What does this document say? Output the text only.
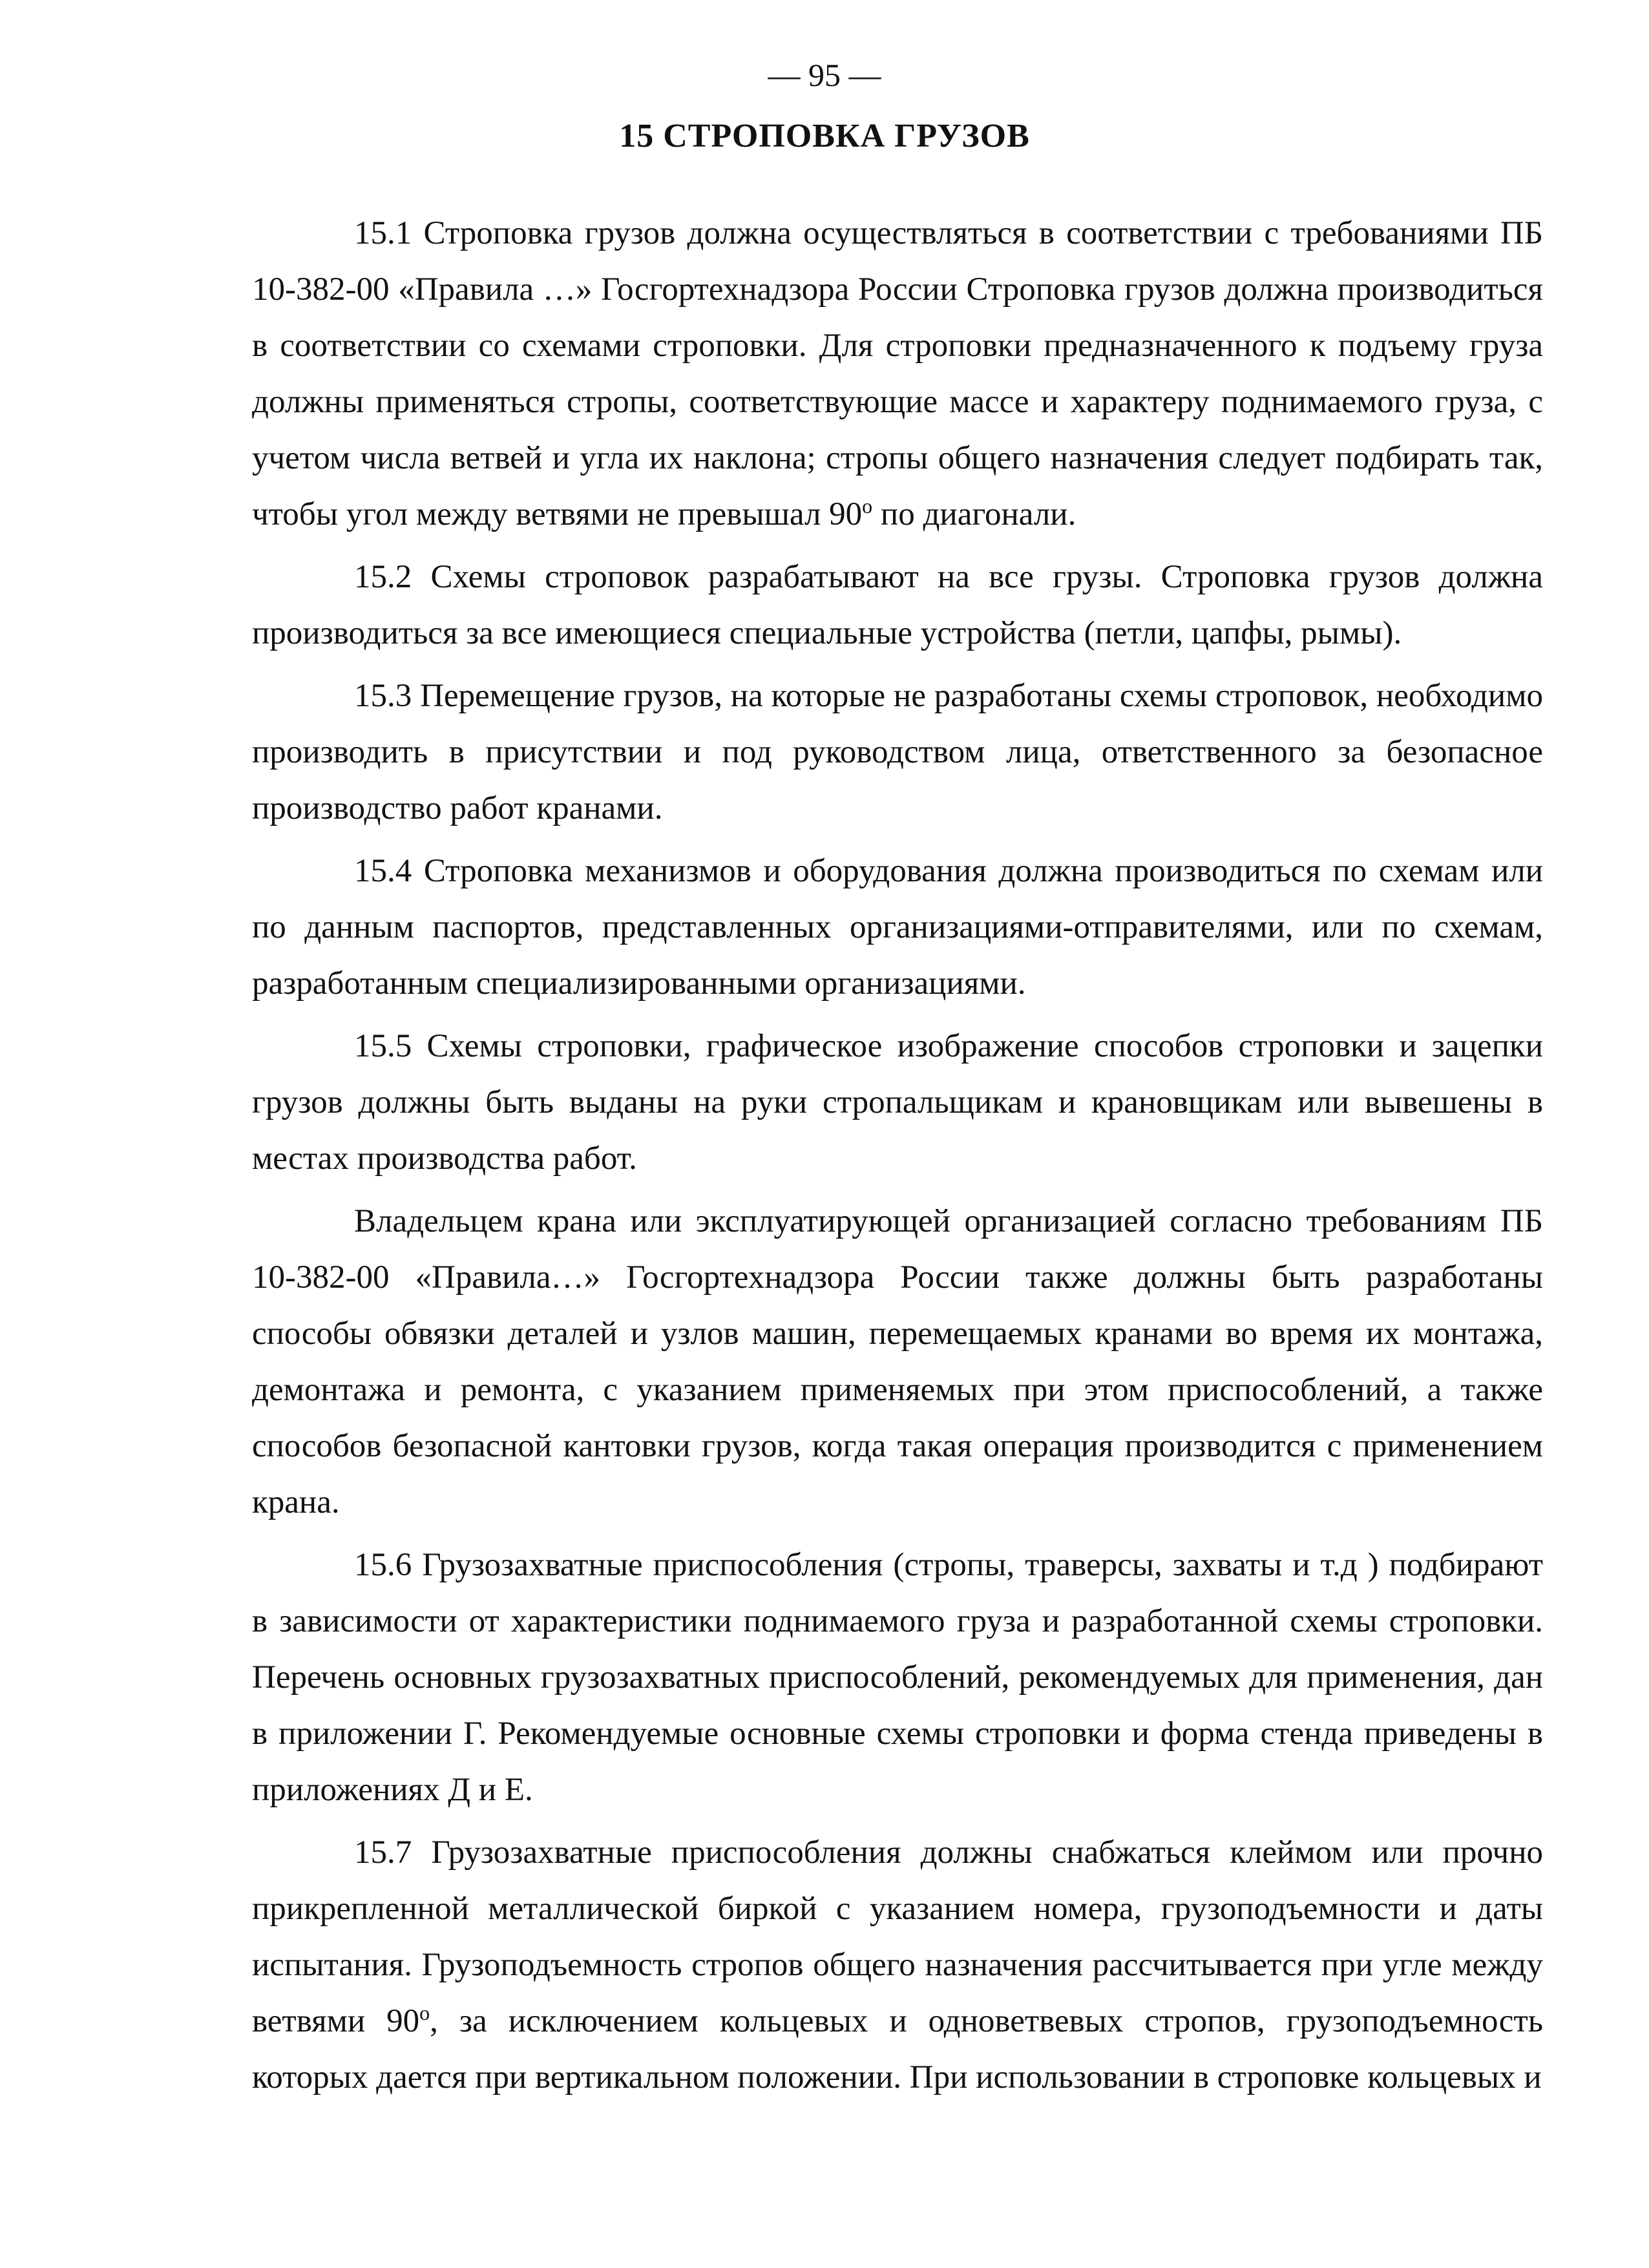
— 95 —
15 СТРОПОВКА ГРУЗОВ

15.1 Строповка грузов должна осуществляться в соответствии с требованиями ПБ 10-382-00 «Правила …» Госгортехнадзора России Строповка грузов должна производиться в соответствии со схемами строповки. Для строповки предназначенного к подъему груза должны применяться стропы, соответствующие массе и характеру поднимаемого груза, с учетом числа ветвей и угла их наклона; стропы общего назначения следует подбирать так, чтобы угол между ветвями не превышал 90$^o$ по диагонали.

15.2 Схемы строповок разрабатывают на все грузы. Строповка грузов должна производиться за все имеющиеся специальные устройства (петли, цапфы, рымы).

15.3 Перемещение грузов, на которые не разработаны схемы строповок, необходимо производить в присутствии и под руководством лица, ответственного за безопасное производство работ кранами.

15.4 Строповка механизмов и оборудования должна производиться по схемам или по данным паспортов, представленных организациями-отправителями, или по схемам, разработанным специализированными организациями.

15.5 Схемы строповки, графическое изображение способов строповки и зацепки грузов должны быть выданы на руки стропальщикам и крановщикам или вывешены в местах производства работ.

Владельцем крана или эксплуатирующей организацией согласно требованиям ПБ 10-382-00 «Правила…» Госгортехнадзора России также должны быть разработаны способы обвязки деталей и узлов машин, перемещаемых кранами во время их монтажа, демонтажа и ремонта, с указанием применяемых при этом приспособлений, а также способов безопасной кантовки грузов, когда такая операция производится с применением крана.

15.6 Грузозахватные приспособления (стропы, траверсы, захваты и т.д ) подбирают в зависимости от характеристики поднимаемого груза и разработанной схемы строповки. Перечень основных грузозахватных приспособлений, рекомендуемых для применения, дан в приложении Г. Рекомендуемые основные схемы строповки и форма стенда приведены в приложениях Д и Е.

15.7 Грузозахватные приспособления должны снабжаться клеймом или прочно прикрепленной металлической биркой с указанием номера, грузоподъемности и даты испытания. Грузоподъемность стропов общего назначения рассчитывается при угле между ветвями 90$^o$, за исключением кольцевых и одноветвевых стропов, грузоподъемность которых дается при вертикальном положении. При использовании в строповке кольцевых и
